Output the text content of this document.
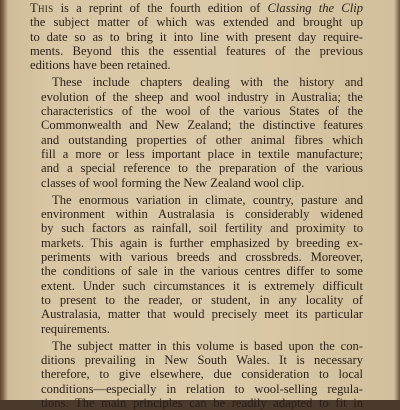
This is a reprint of the fourth edition of Classing the Clip
the subject matter of which was extended and brought up
to date so as to bring it into line with present day require-
ments. Beyond this the essential features of the previous
editions have been retained.

These include chapters dealing with the history and
evolution of the sheep and wool industry in Australia; the
characteristics of the wool of the various States of the
Commonwealth and New Zealand; the distinctive features
and outstanding properties of other animal fibres which
fill a more or less important place in textile manufacture;
and a special reference to the preparation of the various
classes of wool forming the New Zealand wool clip.

The enormous variation in climate, country, pasture and
environment within Australasia is considerably widened
by such factors as rainfall, soil fertility and proximity to
markets. This again is further emphasized by breeding ex-
periments with various breeds and crossbreds. Moreover,
the conditions of sale in the various centres differ to some
extent. Under such circumstances it is extremely difficult
to present to the reader, or student, in any locality of
Australasia, matter that would precisely meet its particular
requirements.

The subject matter in this volume is based upon the con-
ditions prevailing in New South Wales. It is necessary
therefore, to give elsewhere, due consideration to local
conditions—especially in relation to wool-selling regula-
tions. The main principles can be readily adapted to fit in
